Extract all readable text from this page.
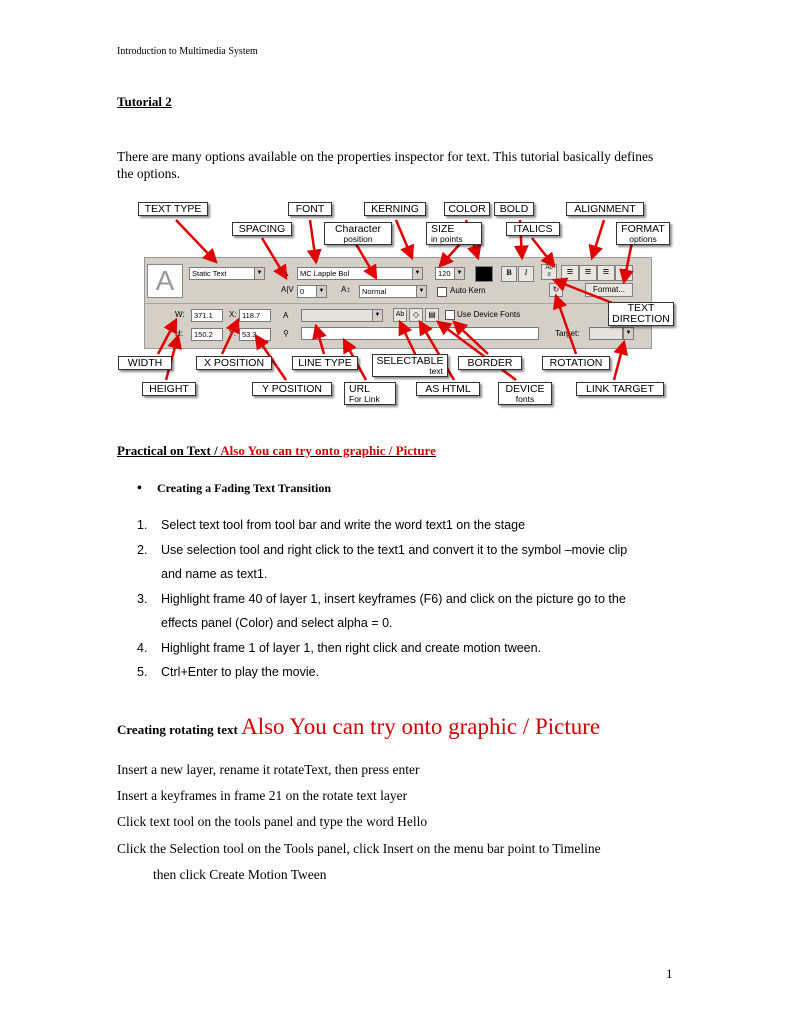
Introduction to Multimedia System
Tutorial 2
There are many options available on the properties inspector for text. This tutorial basically defines the options.
A	Static Text	▼ A	MC Lapple Bol	▼	120	▼	B	I	Ab
≡	≡	≡	≡	≡
A|V 0	▼	A↕	Normal	▼	Auto Kern	↻	Format...
W:	371.1	X: 118.7
H:	150.2	Y: 53.3
A	▼	Ab	◇	▤	Use Device Fonts
⚲	Target:	▼
TEXT TYPE	FONT	KERNING	COLOR	BOLD	ALIGNMENT
SPACING	Character
position
SIZE
in points
ITALICS	FORMAT
options
TEXT DIRECTION
WIDTH	X POSITION	LINE TYPE	SELECTABLE
text
BORDER	ROTATION
HEIGHT	Y POSITION	URL
For Link
AS HTML	DEVICE
fonts
LINK TARGET
Practical on Text / Also You can try onto graphic / Picture
• Creating a Fading Text Transition
1. Select text tool from tool bar and write the word text1 on the stage
2. Use selection tool and right click to the text1 and convert it to the symbol –movie clip
and name as text1.
3. Highlight frame 40 of layer 1, insert keyframes (F6) and click on the picture go to the
effects panel (Color) and select alpha = 0.
4. Highlight frame 1 of layer 1, then right click and create motion tween.
5. Ctrl+Enter to play the movie.
Creating rotating text Also You can try onto graphic / Picture
Insert a new layer, rename it rotateText, then press enter
Insert a keyframes in frame 21 on the rotate text layer
Click text tool on the tools panel and type the word Hello
Click the Selection tool on the Tools panel, click Insert on the menu bar point to Timeline
then click Create Motion Tween
1
